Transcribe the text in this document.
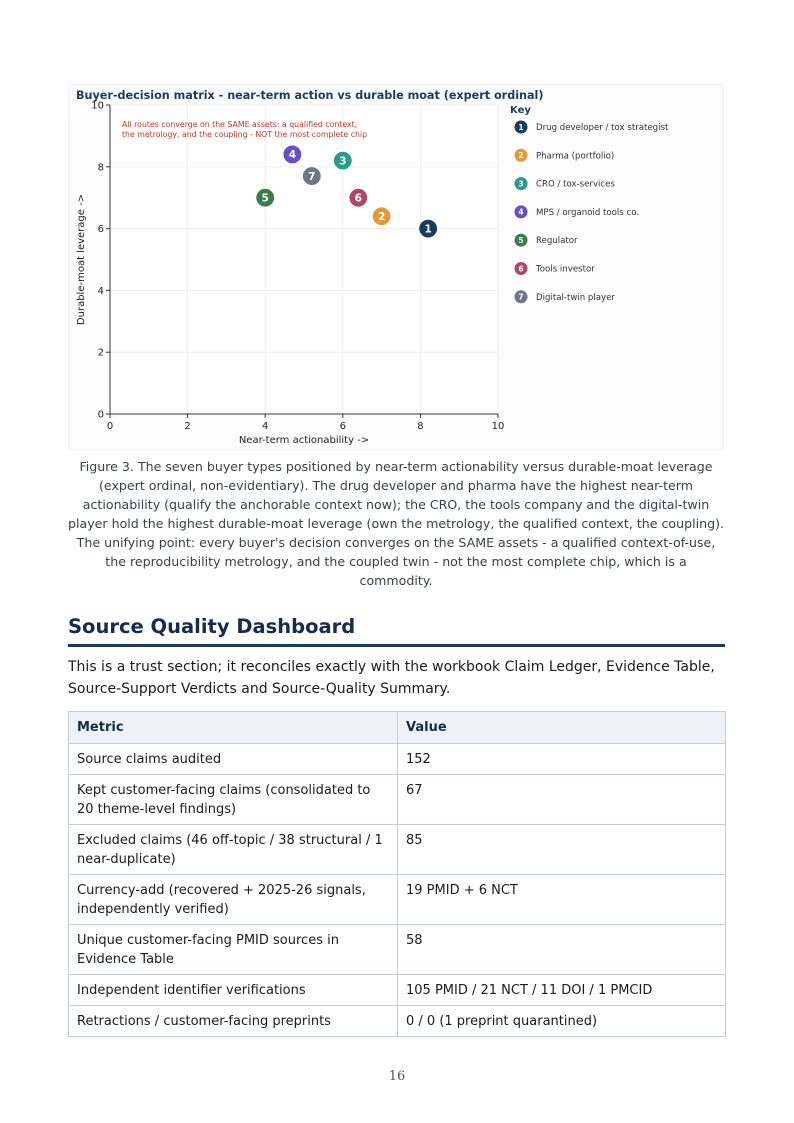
0	2	4	6	8	10
0
2
4
6
8
10
Buyer-decision matrix - near-term action vs durable moat (expert ordinal)
Near-term actionability ->
Durable-moat leverage ->
All routes converge on the SAME assets: a qualified context,
the metrology, and the coupling - NOT the most complete chip
1
2
3
4
5	6
7
Key
1 Drug developer / tox strategist
2 Pharma (portfolio)
3 CRO / tox-services
4 MPS / organoid tools co.
5 Regulator
6 Tools investor
7 Digital-twin player
Figure 3. The seven buyer types positioned by near-term actionability versus durable-moat leverage (expert ordinal, non-evidentiary). The drug developer and pharma have the highest near-term actionability (qualify the anchorable context now); the CRO, the tools company and the digital-twin player hold the highest durable-moat leverage (own the metrology, the qualified context, the coupling). The unifying point: every buyer's decision converges on the SAME assets - a qualified context-of-use, the reproducibility metrology, and the coupled twin - not the most complete chip, which is a commodity.
Source Quality Dashboard
This is a trust section; it reconciles exactly with the workbook Claim Ledger, Evidence Table, Source-Support Verdicts and Source-Quality Summary.
Metric	Value
Source claims audited	152
Kept customer-facing claims (consolidated to 20 theme-level findings)	67
Excluded claims (46 off-topic / 38 structural / 1 near-duplicate)	85
Currency-add (recovered + 2025-26 signals, independently verified)	19 PMID + 6 NCT
Unique customer-facing PMID sources in Evidence Table	58
Independent identifier verifications	105 PMID / 21 NCT / 11 DOI / 1 PMCID
Retractions / customer-facing preprints	0 / 0 (1 preprint quarantined)
16
